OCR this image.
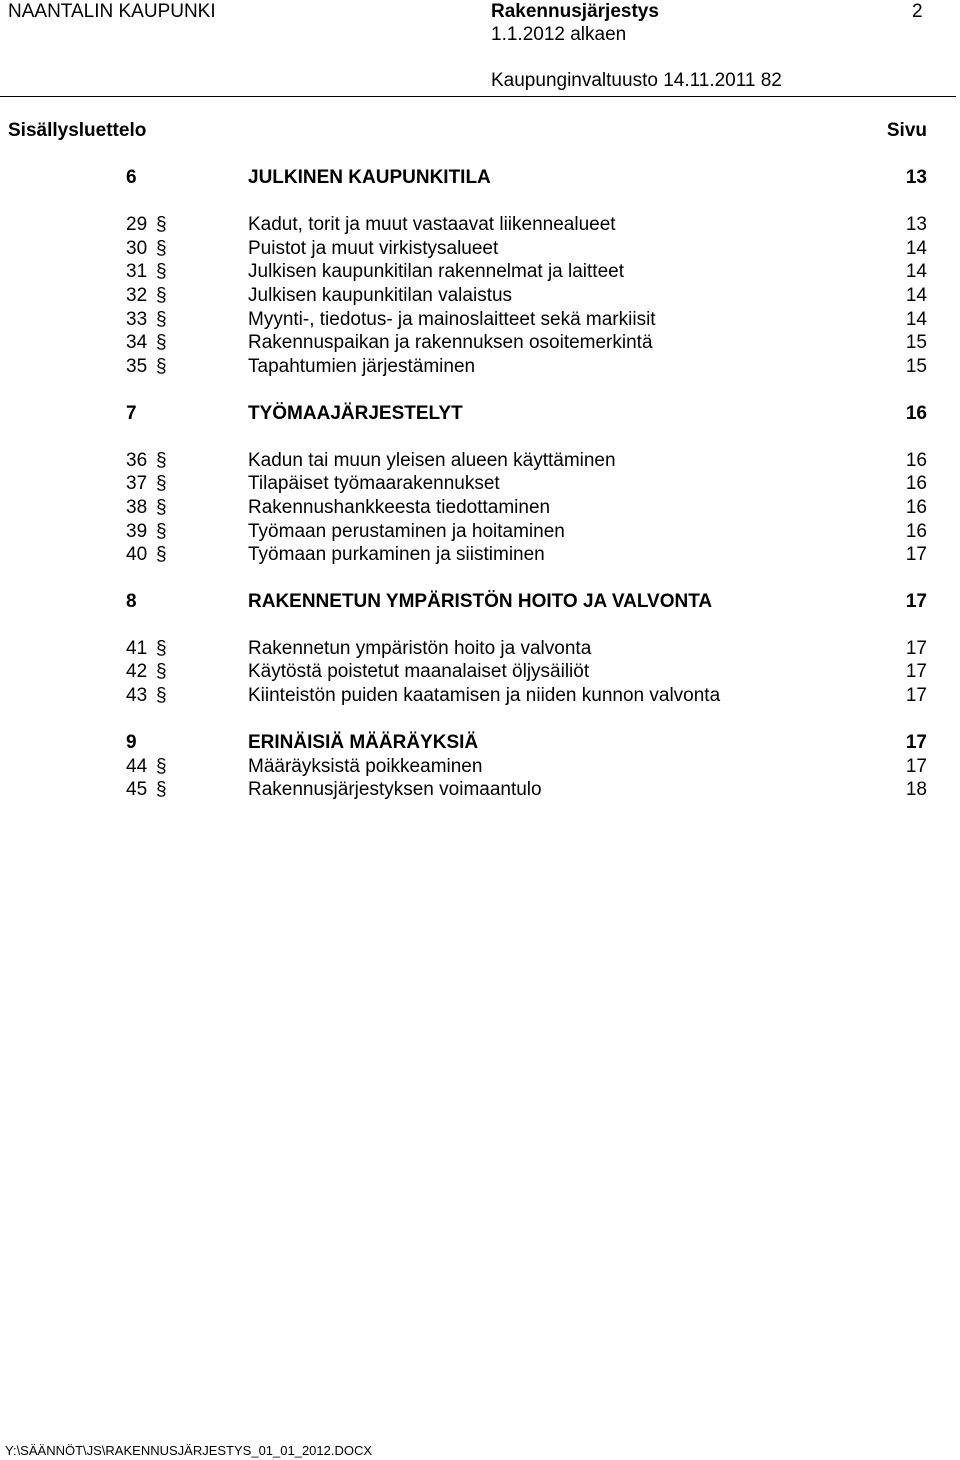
NAANTALIN KAUPUNKI	Rakennusjärjestys	2
1.1.2012 alkaen
Kaupunginvaltuusto 14.11.2011 82
Sisällysluettelo	Sivu
6	JULKINEN KAUPUNKITILA	13
29 §	Kadut, torit ja muut vastaavat liikennealueet	13
30 §	Puistot ja muut virkistysalueet	14
31 §	Julkisen kaupunkitilan rakennelmat ja laitteet	14
32 §	Julkisen kaupunkitilan valaistus	14
33 §	Myynti-, tiedotus- ja mainoslaitteet sekä markiisit	14
34 §	Rakennuspaikan ja rakennuksen osoitemerkintä	15
35 §	Tapahtumien järjestäminen	15
7	TYÖMAAJÄRJESTELYT	16
36 §	Kadun tai muun yleisen alueen käyttäminen	16
37 §	Tilapäiset työmaarakennukset	16
38 §	Rakennushankkeesta tiedottaminen	16
39 §	Työmaan perustaminen ja hoitaminen	16
40 §	Työmaan purkaminen ja siistiminen	17
8	RAKENNETUN YMPÄRISTÖN HOITO JA VALVONTA	17
41 §	Rakennetun ympäristön hoito ja valvonta	17
42 §	Käytöstä poistetut maanalaiset öljysäiliöt	17
43 §	Kiinteistön puiden kaatamisen ja niiden kunnon valvonta	17
9	ERINÄISIÄ MÄÄRÄYKSIÄ	17
44 §	Määräyksistä poikkeaminen	17
45 §	Rakennusjärjestyksen voimaantulo	18
Y:\SÄÄNNÖT\JS\RAKENNUSJÄRJESTYS_01_01_2012.DOCX
